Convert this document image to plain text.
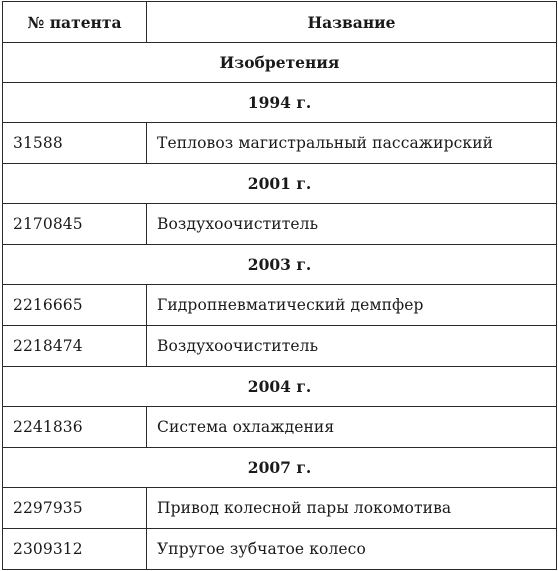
№ патента	Название
Изобретения	
1994 г.	
31588	Тепловоз магистральный пассажирский
2001 г.	
2170845	Воздухоочиститель
2003 г.	
2216665	Гидропневматический демпфер
2218474	Воздухоочиститель
2004 г.	
2241836	Система охлаждения
2007 г.	
2297935	Привод колесной пары локомотива
2309312	Упругое зубчатое колесо
